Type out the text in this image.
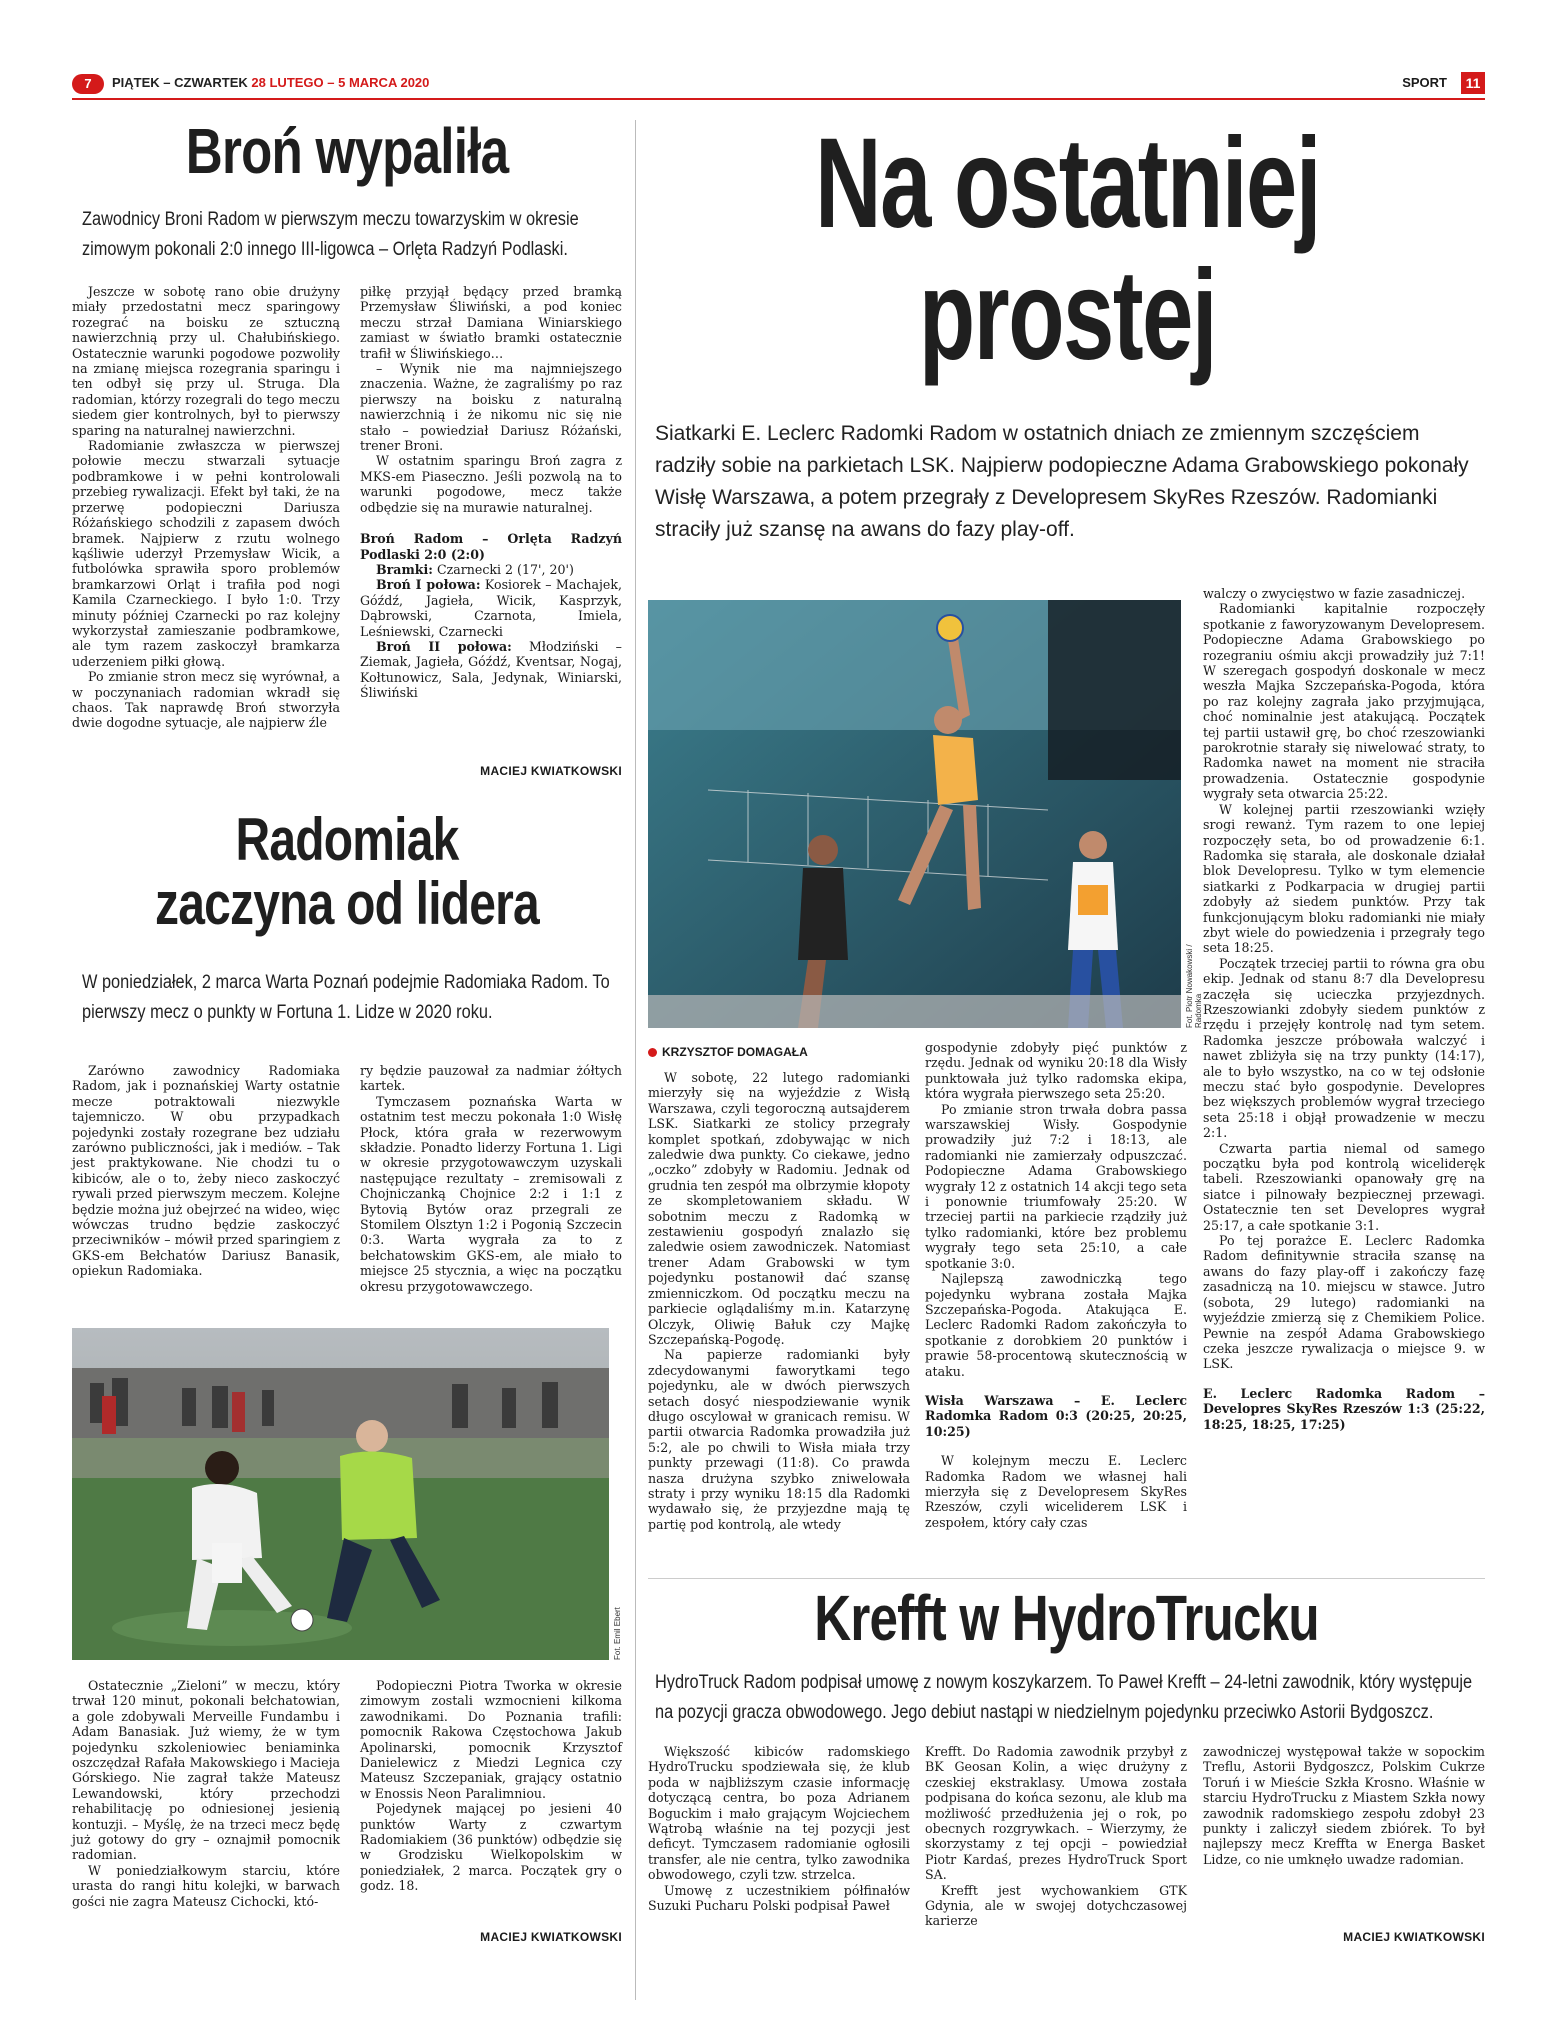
7	PIĄTEK – CZWARTEK 28 LUTEGO – 5 MARCA 2020	SPORT	11
Broń wypaliła
Zawodnicy Broni Radom w pierwszym meczu towarzyskim w okresie zimowym pokonali 2:0 innego III-ligowca – Orlęta Radzyń Podlaski.

Jeszcze w sobotę rano obie drużyny miały przedostatni mecz sparingowy rozegrać na boisku ze sztuczną nawierzchnią przy ul. Chałubińskiego. Ostatecznie warunki pogodowe pozwoliły na zmianę miejsca rozegrania sparingu i ten odbył się przy ul. Struga. Dla radomian, którzy rozegrali do tego meczu siedem gier kontrolnych, był to pierwszy sparing na naturalnej nawierzchni.

Radomianie zwłaszcza w pierwszej połowie meczu stwarzali sytuacje podbramkowe i w pełni kontrolowali przebieg rywalizacji. Efekt był taki, że na przerwę podopieczni Dariusza Różańskiego schodzili z zapasem dwóch bramek. Najpierw z rzutu wolnego kąśliwie uderzył Przemysław Wicik, a futbolówka sprawiła sporo problemów bramkarzowi Orląt i trafiła pod nogi Kamila Czarneckiego. I było 1:0. Trzy minuty później Czarnecki po raz kolejny wykorzystał zamieszanie podbramkowe, ale tym razem zaskoczył bramkarza uderzeniem piłki głową.

Po zmianie stron mecz się wyrównał, a w poczynaniach radomian wkradł się chaos. Tak naprawdę Broń stworzyła dwie dogodne sytuacje, ale najpierw źle

piłkę przyjął będący przed bramką Przemysław Śliwiński, a pod koniec meczu strzał Damiana Winiarskiego zamiast w światło bramki ostatecznie trafił w Śliwińskiego…

– Wynik nie ma najmniejszego znaczenia. Ważne, że zagraliśmy po raz pierwszy na boisku z naturalną nawierzchnią i że nikomu nic się nie stało – powiedział Dariusz Różański, trener Broni.

W ostatnim sparingu Broń zagra z MKS-em Piaseczno. Jeśli pozwolą na to warunki pogodowe, mecz także odbędzie się na murawie naturalnej.

Broń Radom – Orlęta Radzyń Podlaski 2:0 (2:0)

Bramki: Czarnecki 2 (17', 20')

Broń I połowa: Kosiorek – Machajek, Góźdź, Jagieła, Wicik, Kasprzyk, Dąbrowski, Czarnota, Imiela, Leśniewski, Czarnecki

Broń II połowa: Młodziński – Ziemak, Jagieła, Góźdź, Kventsar, Nogaj, Kołtunowicz, Sala, Jedynak, Winiarski, Śliwiński

MACIEJ KWIATKOWSKI
Radomiak
zaczyna od lidera
W poniedziałek, 2 marca Warta Poznań podejmie Radomiaka Radom. To pierwszy mecz o punkty w Fortuna 1. Lidze w 2020 roku.

Zarówno zawodnicy Radomiaka Radom, jak i poznańskiej Warty ostatnie mecze potraktowali niezwykle tajemniczo. W obu przypadkach pojedynki zostały rozegrane bez udziału zarówno publiczności, jak i mediów. – Tak jest praktykowane. Nie chodzi tu o kibiców, ale o to, żeby nieco zaskoczyć rywali przed pierwszym meczem. Kolejne będzie można już obejrzeć na wideo, więc wówczas trudno będzie zaskoczyć przeciwników – mówił przed sparingiem z GKS-em Bełchatów Dariusz Banasik, opiekun Radomiaka.

ry będzie pauzował za nadmiar żółtych kartek.

Tymczasem poznańska Warta w ostatnim test meczu pokonała 1:0 Wisłę Płock, która grała w rezerwowym składzie. Ponadto liderzy Fortuna 1. Ligi w okresie przygotowawczym uzyskali następujące rezultaty – zremisowali z Chojniczanką Chojnice 2:2 i 1:1 z Bytovią Bytów oraz przegrali ze Stomilem Olsztyn 1:2 i Pogonią Szczecin 0:3. Warta wygrała za to z bełchatowskim GKS-em, ale miało to miejsce 25 stycznia, a więc na początku okresu przygotowawczego.

Fot. Emil Ebert

Ostatecznie „Zieloni” w meczu, który trwał 120 minut, pokonali bełchatowian, a gole zdobywali Merveille Fundambu i Adam Banasiak. Już wiemy, że w tym pojedynku szkoleniowiec beniaminka oszczędzał Rafała Makowskiego i Macieja Górskiego. Nie zagrał także Mateusz Lewandowski, który przechodzi rehabilitację po odniesionej jesienią kontuzji. – Myślę, że na trzeci mecz będę już gotowy do gry – oznajmił pomocnik radomian.

W poniedziałkowym starciu, które urasta do rangi hitu kolejki, w barwach gości nie zagra Mateusz Cichocki, któ-

Podopieczni Piotra Tworka w okresie zimowym zostali wzmocnieni kilkoma zawodnikami. Do Poznania trafili: pomocnik Rakowa Częstochowa Jakub Apolinarski, pomocnik Krzysztof Danielewicz z Miedzi Legnica czy Mateusz Szczepaniak, grający ostatnio w Enossis Neon Paralimniou.

Pojedynek mającej po jesieni 40 punktów Warty z czwartym Radomiakiem (36 punktów) odbędzie się w Grodzisku Wielkopolskim w poniedziałek, 2 marca. Początek gry o godz. 18.

MACIEJ KWIATKOWSKI
Na ostatniej
prostej
Siatkarki E. Leclerc Radomki Radom w ostatnich dniach ze zmiennym szczęściem radziły sobie na parkietach LSK. Najpierw podopieczne Adama Grabowskiego pokonały Wisłę Warszawa, a potem przegrały z Developresem SkyRes Rzeszów. Radomianki straciły już szansę na awans do fazy play-off.
Fot. Piotr Nowakowski / Radomka
KRZYSZTOF DOMAGAŁA

W sobotę, 22 lutego radomianki mierzyły się na wyjeździe z Wisłą Warszawa, czyli tegoroczną autsajderem LSK. Siatkarki ze stolicy przegrały komplet spotkań, zdobywając w nich zaledwie dwa punkty. Co ciekawe, jedno „oczko” zdobyły w Radomiu. Jednak od grudnia ten zespół ma olbrzymie kłopoty ze skompletowaniem składu. W sobotnim meczu z Radomką w zestawieniu gospodyń znalazło się zaledwie osiem zawodniczek. Natomiast trener Adam Grabowski w tym pojedynku postanowił dać szansę zmienniczkom. Od początku meczu na parkiecie oglądaliśmy m.in. Katarzynę Olczyk, Oliwię Bałuk czy Majkę Szczepańską-Pogodę.

Na papierze radomianki były zdecydowanymi faworytkami tego pojedynku, ale w dwóch pierwszych setach dosyć niespodziewanie wynik długo oscylował w granicach remisu. W partii otwarcia Radomka prowadziła już 5:2, ale po chwili to Wisła miała trzy punkty przewagi (11:8). Co prawda nasza drużyna szybko zniwelowała straty i przy wyniku 18:15 dla Radomki wydawało się, że przyjezdne mają tę partię pod kontrolą, ale wtedy

gospodynie zdobyły pięć punktów z rzędu. Jednak od wyniku 20:18 dla Wisły punktowała już tylko radomska ekipa, która wygrała pierwszego seta 25:20.

Po zmianie stron trwała dobra passa warszawskiej Wisły. Gospodynie prowadziły już 7:2 i 18:13, ale radomianki nie zamierzały odpuszczać. Podopieczne Adama Grabowskiego wygrały 12 z ostatnich 14 akcji tego seta i ponownie triumfowały 25:20. W trzeciej partii na parkiecie rządziły już tylko radomianki, które bez problemu wygrały tego seta 25:10, a całe spotkanie 3:0.

Najlepszą zawodniczką tego pojedynku wybrana została Majka Szczepańska-Pogoda. Atakująca E. Leclerc Radomki Radom zakończyła to spotkanie z dorobkiem 20 punktów i prawie 58-procentową skutecznością w ataku.

Wisła Warszawa – E. Leclerc Radomka Radom 0:3 (20:25, 20:25, 10:25)

W kolejnym meczu E. Leclerc Radomka Radom we własnej hali mierzyła się z Developresem SkyRes Rzeszów, czyli wiceliderem LSK i zespołem, który cały czas

walczy o zwycięstwo w fazie zasadniczej.

Radomianki kapitalnie rozpoczęły spotkanie z faworyzowanym Developresem. Podopieczne Adama Grabowskiego po rozegraniu ośmiu akcji prowadziły już 7:1! W szeregach gospodyń doskonale w mecz weszła Majka Szczepańska-Pogoda, która po raz kolejny zagrała jako przyjmująca, choć nominalnie jest atakującą. Początek tej partii ustawił grę, bo choć rzeszowianki parokrotnie starały się niwelować straty, to Radomka nawet na moment nie straciła prowadzenia. Ostatecznie gospodynie wygrały seta otwarcia 25:22.

W kolejnej partii rzeszowianki wzięły srogi rewanż. Tym razem to one lepiej rozpoczęły seta, bo od prowadzenie 6:1. Radomka się starała, ale doskonale działał blok Developresu. Tylko w tym elemencie siatkarki z Podkarpacia w drugiej partii zdobyły aż siedem punktów. Przy tak funkcjonującym bloku radomianki nie miały zbyt wiele do powiedzenia i przegrały tego seta 18:25.

Początek trzeciej partii to równa gra obu ekip. Jednak od stanu 8:7 dla Developresu zaczęła się ucieczka przyjezdnych. Rzeszowianki zdobyły siedem punktów z rzędu i przejęły kontrolę nad tym setem. Radomka jeszcze próbowała walczyć i nawet zbliżyła się na trzy punkty (14:17), ale to było wszystko, na co w tej odsłonie meczu stać było gospodynie. Developres bez większych problemów wygrał trzeciego seta 25:18 i objął prowadzenie w meczu 2:1.

Czwarta partia niemal od samego początku była pod kontrolą wicelideręk tabeli. Rzeszowianki opanowały grę na siatce i pilnowały bezpiecznej przewagi. Ostatecznie ten set Developres wygrał 25:17, a całe spotkanie 3:1.

Po tej porażce E. Leclerc Radomka Radom definitywnie straciła szansę na awans do fazy play-off i zakończy fazę zasadniczą na 10. miejscu w stawce. Jutro (sobota, 29 lutego) radomianki na wyjeździe zmierzą się z Chemikiem Police. Pewnie na zespół Adama Grabowskiego czeka jeszcze rywalizacja o miejsce 9. w LSK.

E. Leclerc Radomka Radom – Developres SkyRes Rzeszów 1:3 (25:22, 18:25, 18:25, 17:25)

Krefft w HydroTrucku
HydroTruck Radom podpisał umowę z nowym koszykarzem. To Paweł Krefft – 24-letni zawodnik, który występuje na pozycji gracza obwodowego. Jego debiut nastąpi w niedzielnym pojedynku przeciwko Astorii Bydgoszcz.

Większość kibiców radomskiego HydroTrucku spodziewała się, że klub poda w najbliższym czasie informację dotyczącą centra, bo poza Adrianem Boguckim i mało grającym Wojciechem Wątrobą właśnie na tej pozycji jest deficyt. Tymczasem radomianie ogłosili transfer, ale nie centra, tylko zawodnika obwodowego, czyli tzw. strzelca.

Umowę z uczestnikiem półfinałów Suzuki Pucharu Polski podpisał Paweł

Krefft. Do Radomia zawodnik przybył z BK Geosan Kolin, a więc drużyny z czeskiej ekstraklasy. Umowa została podpisana do końca sezonu, ale klub ma możliwość przedłużenia jej o rok, po obecnych rozgrywkach. – Wierzymy, że skorzystamy z tej opcji – powiedział Piotr Kardaś, prezes HydroTruck Sport SA.

Krefft jest wychowankiem GTK Gdynia, ale w swojej dotychczasowej karierze

zawodniczej występował także w sopockim Treflu, Astorii Bydgoszcz, Polskim Cukrze Toruń i w Mieście Szkła Krosno. Właśnie w starciu HydroTrucku z Miastem Szkła nowy zawodnik radomskiego zespołu zdobył 23 punkty i zaliczył siedem zbiórek. To był najlepszy mecz Krefftа w Energa Basket Lidze, co nie umknęło uwadze radomian.

MACIEJ KWIATKOWSKI
